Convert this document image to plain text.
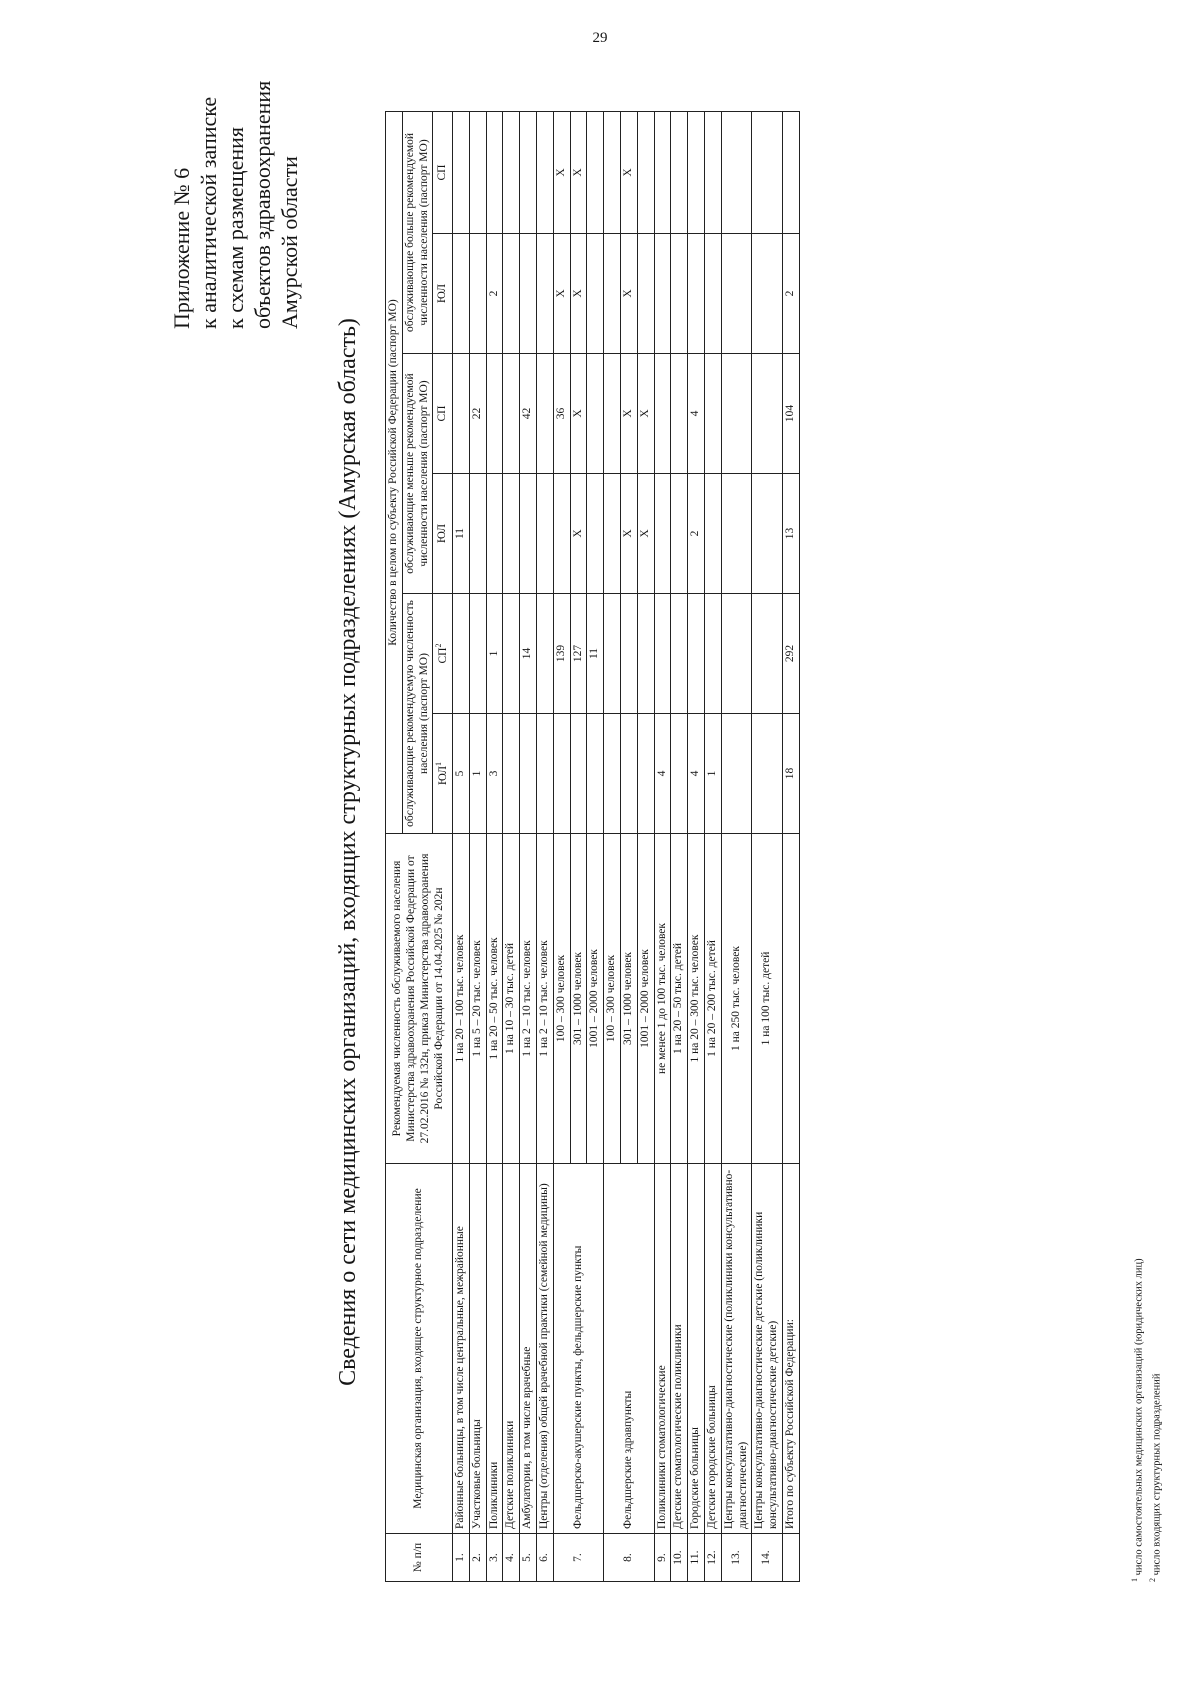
29
Приложение № 6 к аналитической записке к схемам размещения объектов здравоохранения Амурской области
Сведения о сети медицинских организаций, входящих структурных подразделениях (Амурская область)
№ п/п	Медицинская организация, входящее структурное подразделение	Рекомендуемая численность обслуживаемого населения Министерства здравоохранения Российской Федерации от 27.02.2016 № 132н, приказ Министерства здравоохранения Российской Федерации от 14.04.2025 № 202н	Количество в целом по субъекту Российской Федерации (паспорт МО)					
			обслуживающие рекомендуемую численность населения (паспорт МО)		обслуживающие меньше рекомендуемой численности населения (паспорт МО)		обслуживающие больше рекомендуемой численности населения (паспорт МО)	
			$ЮЛ^1$	$СП^2$	ЮЛ	СП	ЮЛ	СП
1.	Районные больницы, в том числе центральные, межрайонные	1 на 20 – 100 тыс. человек	5		11			
2.	Участковые больницы	1 на 5 – 20 тыс. человек	1			22		
3.	Поликлиники	1 на 20 – 50 тыс. человек	3	1			2	
4.	Детские поликлиники	1 на 10 – 30 тыс. детей						
5.	Амбулатории, в том числе врачебные	1 на 2 – 10 тыс. человек		14		42		
6.	Центры (отделения) общей врачебной практики (семейной медицины)	1 на 2 – 10 тыс. человек						
7.	Фельдшерско-акушерские пункты, фельдшерские пункты	100 – 300 человек		139		36	X	X
		301 – 1000 человек		127	X	X	X	X
		1001 – 2000 человек		11				
8.	Фельдшерские здравпункты	100 – 300 человек						
		301 – 1000 человек			X	X	X	X
		1001 – 2000 человек			X	X		
9.	Поликлиники стоматологические	не менее 1 до 100 тыс. человек	4					
10.	Детские стоматологические поликлиники	1 на 20 – 50 тыс. детей						
11.	Городские больницы	1 на 20 – 300 тыс. человек	4		2	4		
12.	Детские городские больницы	1 на 20 – 200 тыс. детей	1					
13.	Центры консультативно-диагностические (поликлиники консультативно-диагностические)	1 на 250 тыс. человек						
14.	Центры консультативно-диагностические детские (поликлиники консультативно-диагностические детские)	1 на 100 тыс. детей						
	Итого по субъекту Российской Федерации:		18	292	13	104	2	
$^1$ число самостоятельных медицинских организаций (юридических лиц)
$^2$ число входящих структурных подразделений
